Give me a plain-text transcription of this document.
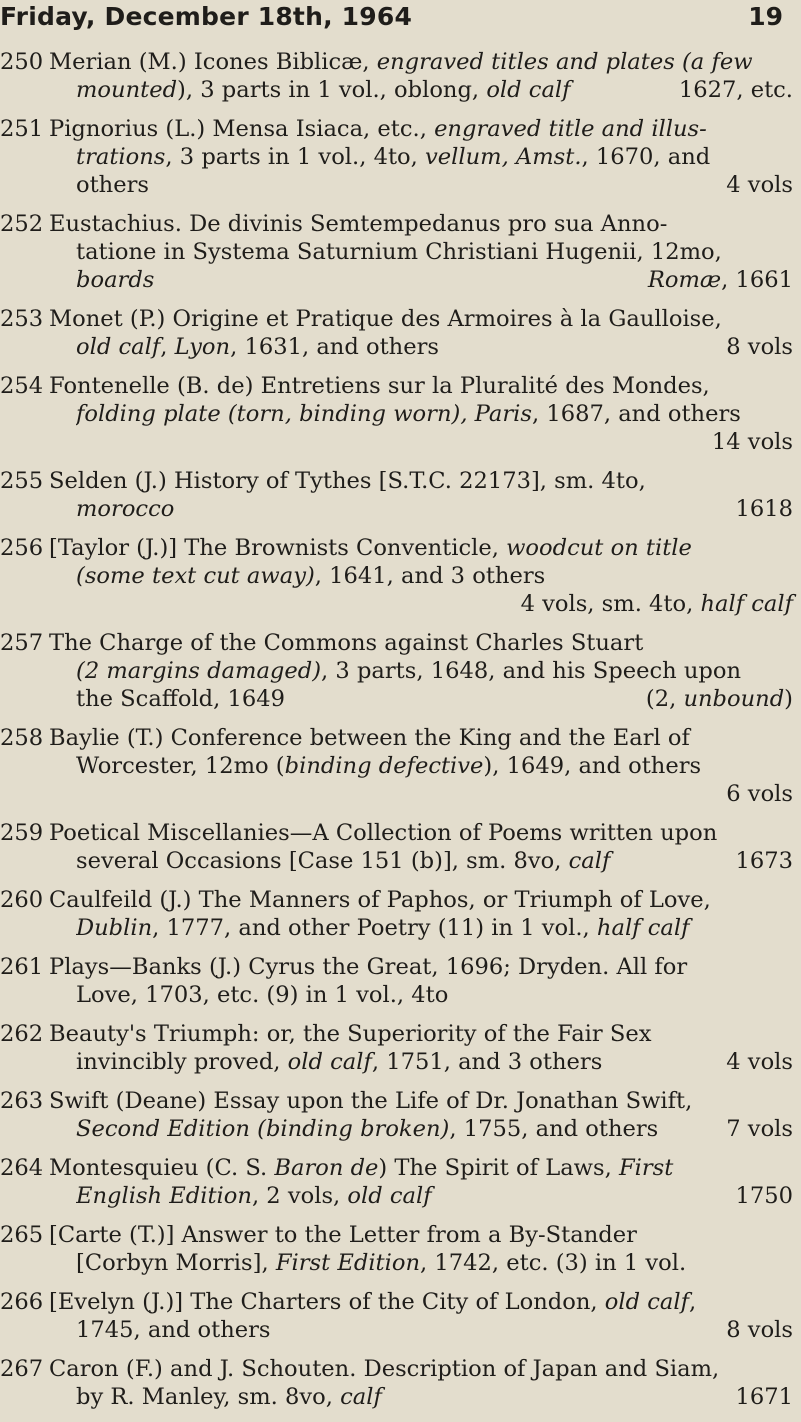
Friday, December 18th, 1964	19
250 Merian (M.) Icones Biblicæ, engraved titles and plates (a few
mounted), 3 parts in 1 vol., oblong, old calf	1627, etc.
251 Pignorius (L.) Mensa Isiaca, etc., engraved title and illus-
trations, 3 parts in 1 vol., 4to, vellum, Amst., 1670, and
others	4 vols
252 Eustachius. De divinis Semtempedanus pro sua Anno-
tatione in Systema Saturnium Christiani Hugenii, 12mo,
boards	Romæ, 1661
253 Monet (P.) Origine et Pratique des Armoires à la Gaulloise,
old calf, Lyon, 1631, and others	8 vols
254 Fontenelle (B. de) Entretiens sur la Pluralité des Mondes,
folding plate (torn, binding worn), Paris, 1687, and others
14 vols
255 Selden (J.) History of Tythes [S.T.C. 22173], sm. 4to,
morocco	1618
256 [Taylor (J.)] The Brownists Conventicle, woodcut on title
(some text cut away), 1641, and 3 others
4 vols, sm. 4to, half calf
257 The Charge of the Commons against Charles Stuart
(2 margins damaged), 3 parts, 1648, and his Speech upon
the Scaffold, 1649	(2, unbound)
258 Baylie (T.) Conference between the King and the Earl of
Worcester, 12mo (binding defective), 1649, and others
6 vols
259 Poetical Miscellanies—A Collection of Poems written upon
several Occasions [Case 151 (b)], sm. 8vo, calf	1673
260 Caulfeild (J.) The Manners of Paphos, or Triumph of Love,
Dublin, 1777, and other Poetry (11) in 1 vol., half calf
261 Plays—Banks (J.) Cyrus the Great, 1696; Dryden. All for
Love, 1703, etc. (9) in 1 vol., 4to
262 Beauty's Triumph: or, the Superiority of the Fair Sex
invincibly proved, old calf, 1751, and 3 others	4 vols
263 Swift (Deane) Essay upon the Life of Dr. Jonathan Swift,
Second Edition (binding broken), 1755, and others	7 vols
264 Montesquieu (C. S. Baron de) The Spirit of Laws, First
English Edition, 2 vols, old calf	1750
265 [Carte (T.)] Answer to the Letter from a By-Stander
[Corbyn Morris], First Edition, 1742, etc. (3) in 1 vol.
266 [Evelyn (J.)] The Charters of the City of London, old calf,
1745, and others	8 vols
267 Caron (F.) and J. Schouten. Description of Japan and Siam,
by R. Manley, sm. 8vo, calf	1671
